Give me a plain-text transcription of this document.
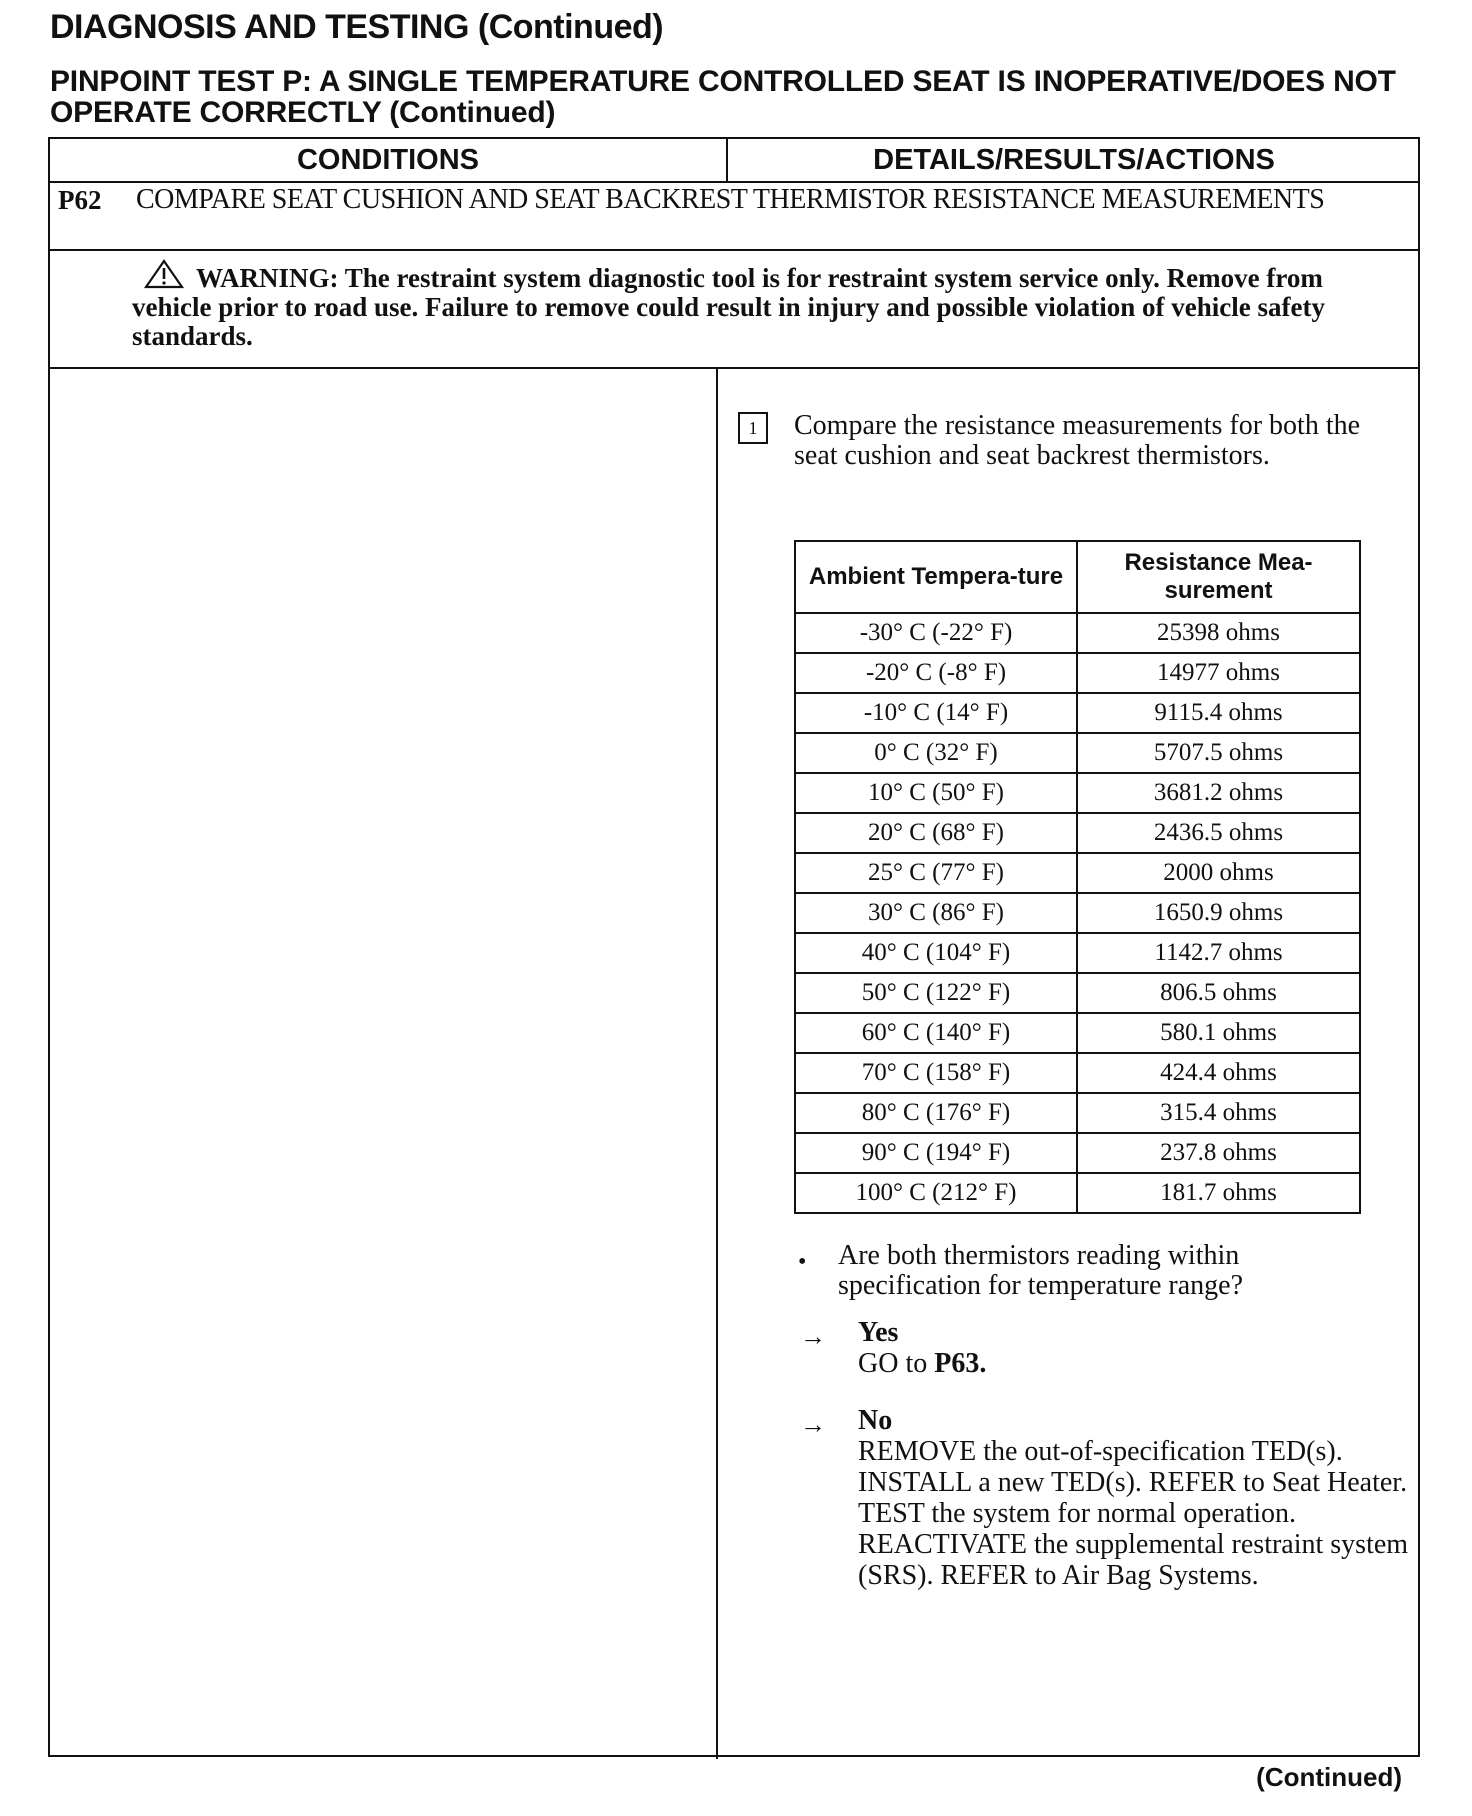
DIAGNOSIS AND TESTING (Continued)
PINPOINT TEST P: A SINGLE TEMPERATURE CONTROLLED SEAT IS INOPERATIVE/DOES NOT OPERATE CORRECTLY (Continued)
CONDITIONS	DETAILS/RESULTS/ACTIONS
P62 COMPARE SEAT CUSHION AND SEAT BACKREST THERMISTOR RESISTANCE MEASUREMENTS
WARNING: The restraint system diagnostic tool is for restraint system service only. Remove from vehicle prior to road use. Failure to remove could result in injury and possible violation of vehicle safety standards.
1	Compare the resistance measurements for both the seat cushion and seat backrest thermistors.
Ambient Tempera-ture	Resistance Mea-surement
-30° C (-22° F)	25398 ohms
-20° C (-8° F)	14977 ohms
-10° C (14° F)	9115.4 ohms
0° C (32° F)	5707.5 ohms
10° C (50° F)	3681.2 ohms
20° C (68° F)	2436.5 ohms
25° C (77° F)	2000 ohms
30° C (86° F)	1650.9 ohms
40° C (104° F)	1142.7 ohms
50° C (122° F)	806.5 ohms
60° C (140° F)	580.1 ohms
70° C (158° F)	424.4 ohms
80° C (176° F)	315.4 ohms
90° C (194° F)	237.8 ohms
100° C (212° F)	181.7 ohms
• Are both thermistors reading within specification for temperature range?
→ Yes
GO to P63.
→ No
REMOVE the out-of-specification TED(s). INSTALL a new TED(s). REFER to Seat Heater. TEST the system for normal operation. REACTIVATE the supplemental restraint system (SRS). REFER to Air Bag Systems.
(Continued)
